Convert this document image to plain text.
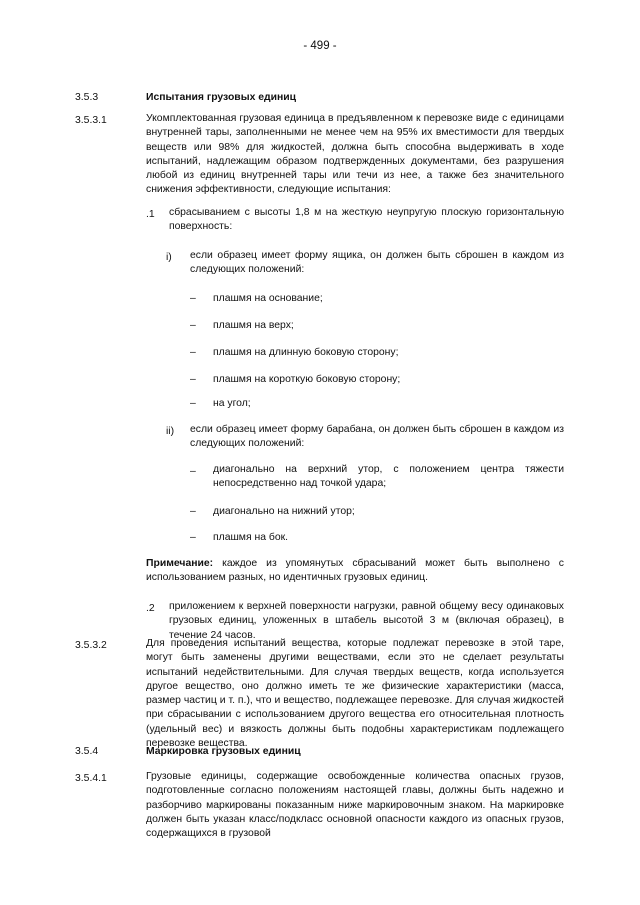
- 499 -
3.5.3	Испытания грузовых единиц
3.5.3.1	Укомплектованная грузовая единица в предъявленном к перевозке виде с единицами внутренней тары, заполненными не менее чем на 95% их вместимости для твердых веществ или 98% для жидкостей, должна быть способна выдерживать в ходе испытаний, надлежащим образом подтвержденных документами, без разрушения любой из единиц внутренней тары или течи из нее, а также без значительного снижения эффективности, следующие испытания:
.1 сбрасыванием с высоты 1,8 м на жесткую неупругую плоскую горизонтальную поверхность:
i) если образец имеет форму ящика, он должен быть сброшен в каждом из следующих положений:
– плашмя на основание;
– плашмя на верх;
– плашмя на длинную боковую сторону;
– плашмя на короткую боковую сторону;
– на угол;
ii) если образец имеет форму барабана, он должен быть сброшен в каждом из следующих положений:
– диагонально на верхний утор, с положением центра тяжести непосредственно над точкой удара;
– диагонально на нижний утор;
– плашмя на бок.
Примечание: каждое из упомянутых сбрасываний может быть выполнено с использованием разных, но идентичных грузовых единиц.
.2 приложением к верхней поверхности нагрузки, равной общему весу одинаковых грузовых единиц, уложенных в штабель высотой 3 м (включая образец), в течение 24 часов.
3.5.3.2	Для проведения испытаний вещества, которые подлежат перевозке в этой таре, могут быть заменены другими веществами, если это не сделает результаты испытаний недействительными. Для случая твердых веществ, когда используется другое вещество, оно должно иметь те же физические характеристики (масса, размер частиц и т. п.), что и вещество, подлежащее перевозке. Для случая жидкостей при сбрасывании с использованием другого вещества его относительная плотность (удельный вес) и вязкость должны быть подобны характеристикам подлежащего перевозке вещества.
3.5.4	Маркировка грузовых единиц
3.5.4.1	Грузовые единицы, содержащие освобожденные количества опасных грузов, подготовленные согласно положениям настоящей главы, должны быть надежно и разборчиво маркированы показанным ниже маркировочным знаком. На маркировке должен быть указан класс/подкласс основной опасности каждого из опасных грузов, содержащихся в грузовой
